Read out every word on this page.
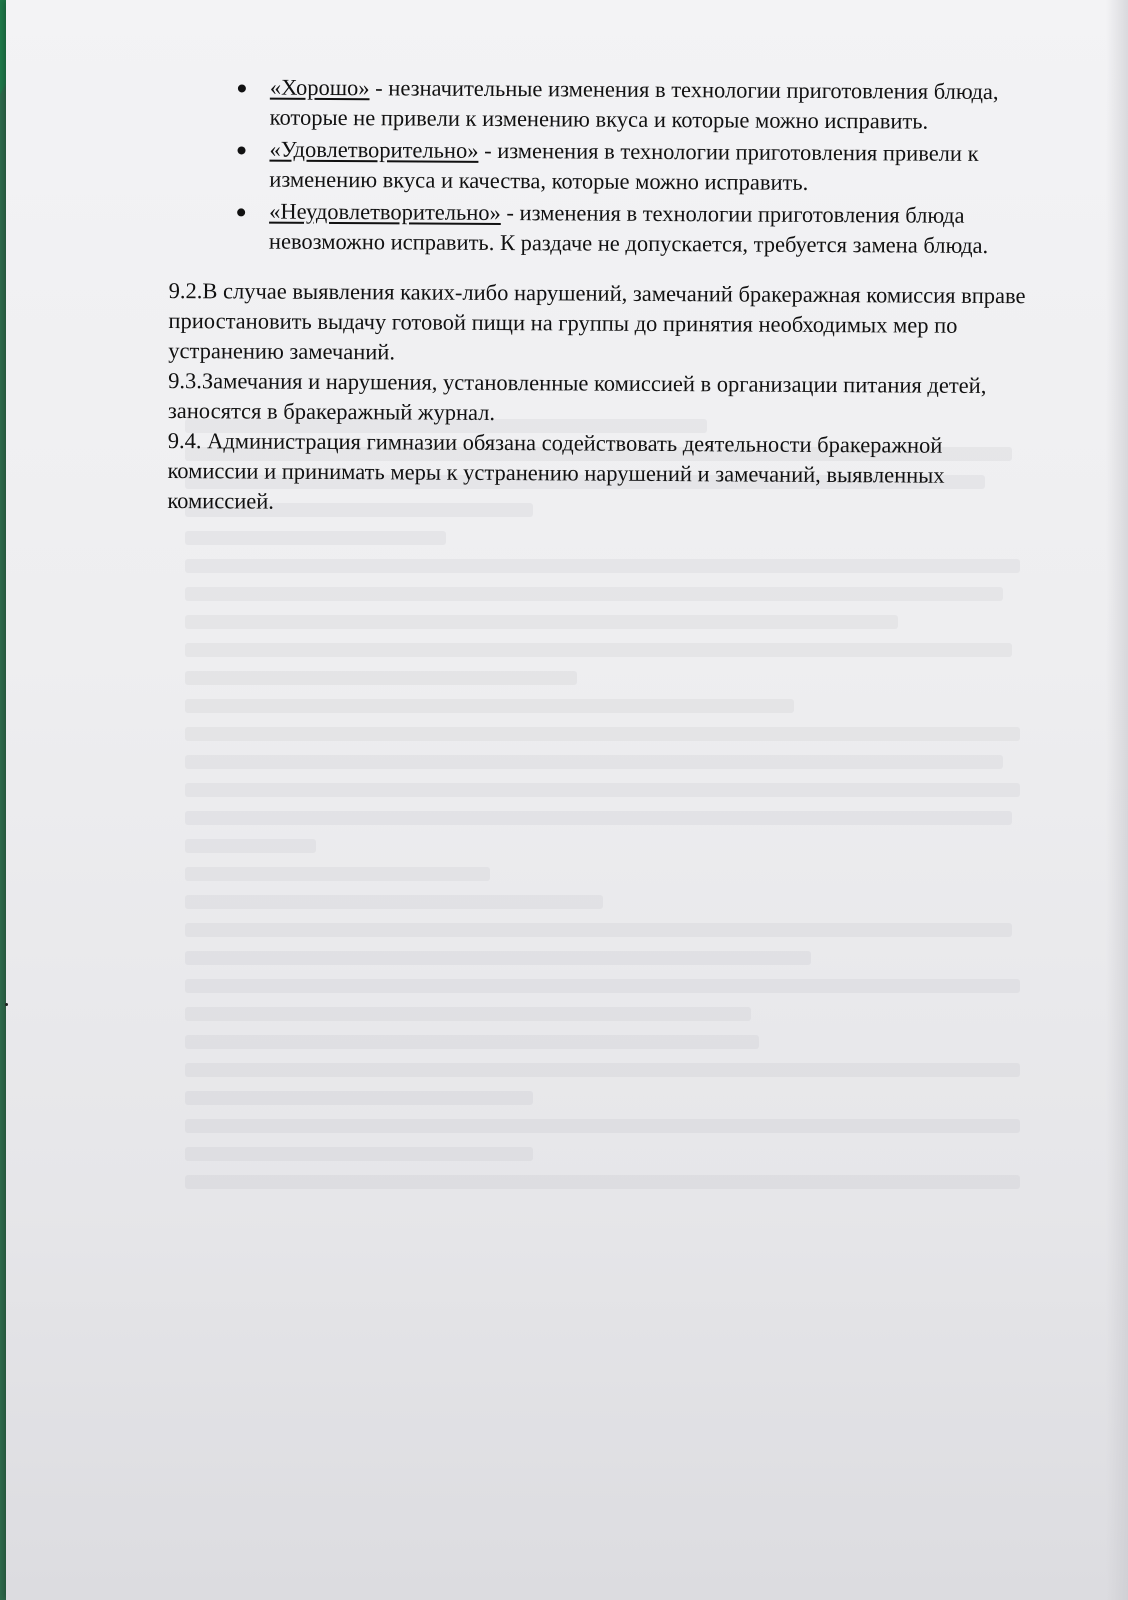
«Хорошо» - незначительные изменения в технологии приготовления блюда, которые не привели к изменению вкуса и которые можно исправить.
«Удовлетворительно» - изменения в технологии приготовления привели к изменению вкуса и качества, которые можно исправить.
«Неудовлетворительно» - изменения в технологии приготовления блюда невозможно исправить. К раздаче не допускается, требуется замена блюда.

9.2.В случае выявления каких-либо нарушений, замечаний бракеражная комиссия вправе приостановить выдачу готовой пищи на группы до принятия необходимых мер по устранению замечаний.

9.3.Замечания и нарушения, установленные комиссией в организации питания детей, заносятся в бракеражный журнал.

9.4. Администрация гимназии обязана содействовать деятельности бракеражной комиссии и принимать меры к устранению нарушений и замечаний, выявленных комиссией.
